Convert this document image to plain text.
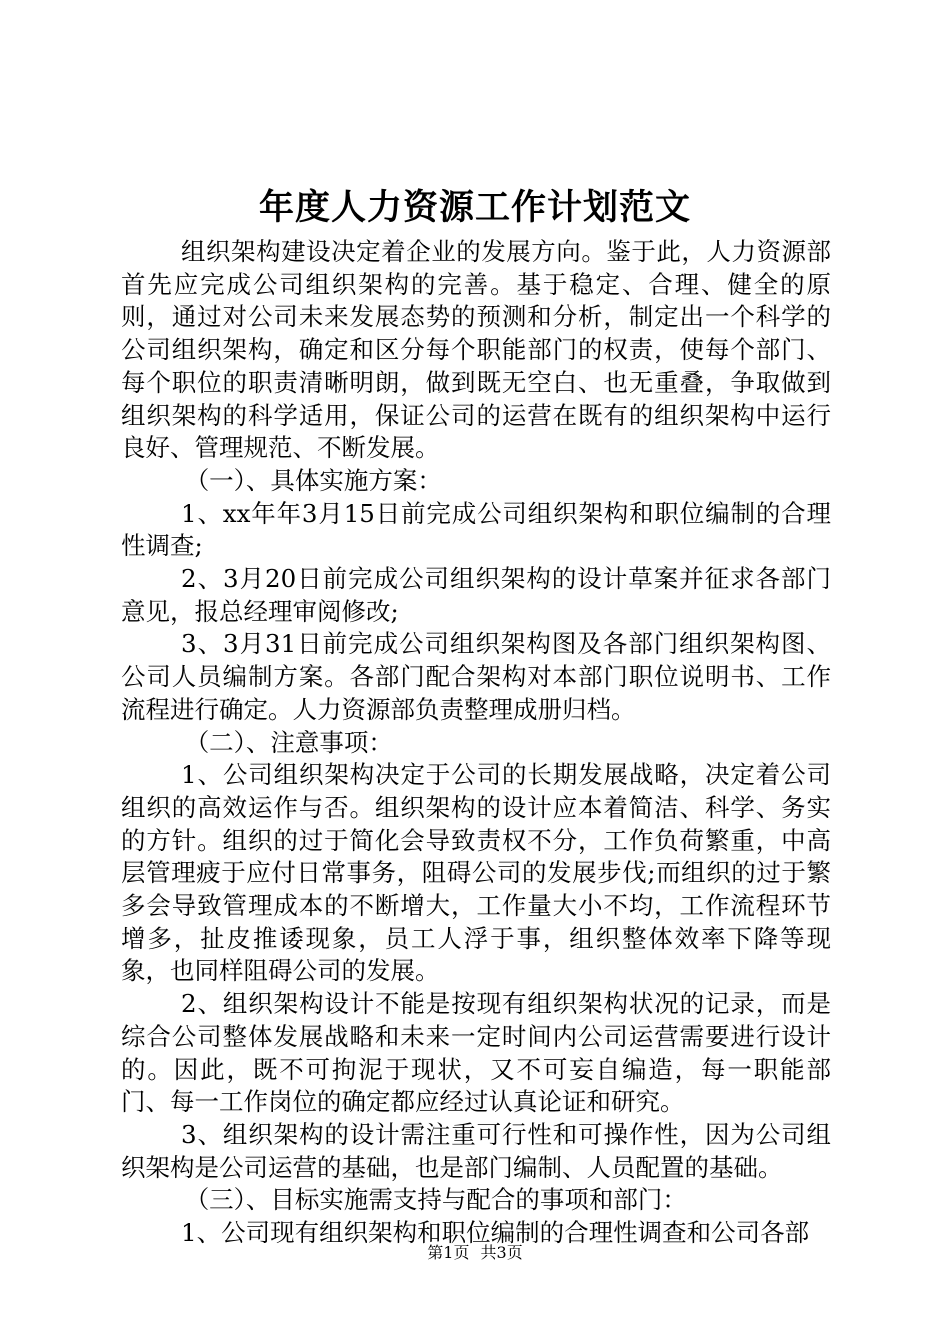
年度人力资源工作计划范文

组织架构建设决定着企业的发展方向。鉴于此，人力资源部首先应完成公司组织架构的完善。基于稳定、合理、健全的原则，通过对公司未来发展态势的预测和分析，制定出一个科学的公司组织架构，确定和区分每个职能部门的权责，使每个部门、每个职位的职责清晰明朗，做到既无空白、也无重叠，争取做到组织架构的科学适用，保证公司的运营在既有的组织架构中运行良好、管理规范、不断发展。

（一）、具体实施方案：

1、xx年年3月15日前完成公司组织架构和职位编制的合理性调查;

2、3月20日前完成公司组织架构的设计草案并征求各部门意见，报总经理审阅修改;

3、3月31日前完成公司组织架构图及各部门组织架构图、公司人员编制方案。各部门配合架构对本部门职位说明书、工作流程进行确定。人力资源部负责整理成册归档。

（二）、注意事项：

1、公司组织架构决定于公司的长期发展战略，决定着公司组织的高效运作与否。组织架构的设计应本着简洁、科学、务实的方针。组织的过于简化会导致责权不分，工作负荷繁重，中高层管理疲于应付日常事务，阻碍公司的发展步伐;而组织的过于繁多会导致管理成本的不断增大，工作量大小不均，工作流程环节增多，扯皮推诿现象，员工人浮于事，组织整体效率下降等现象，也同样阻碍公司的发展。

2、组织架构设计不能是按现有组织架构状况的记录，而是综合公司整体发展战略和未来一定时间内公司运营需要进行设计的。因此，既不可拘泥于现状，又不可妄自编造，每一职能部门、每一工作岗位的确定都应经过认真论证和研究。

3、组织架构的设计需注重可行性和可操作性，因为公司组织架构是公司运营的基础，也是部门编制、人员配置的基础。

（三）、目标实施需支持与配合的事项和部门：

1、公司现有组织架构和职位编制的合理性调查和公司各部

第1页 共3页
